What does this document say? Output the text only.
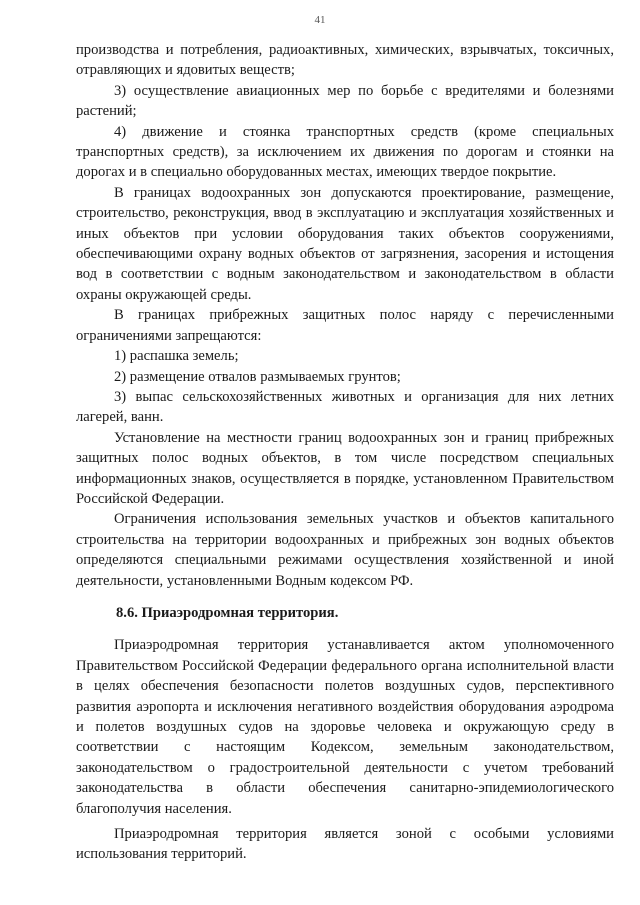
41

производства и потребления, радиоактивных, химических, взрывчатых, токсичных, отравляющих и ядовитых веществ;

3) осуществление авиационных мер по борьбе с вредителями и болезнями растений;

4) движение и стоянка транспортных средств (кроме специальных транспортных средств), за исключением их движения по дорогам и стоянки на дорогах и в специально оборудованных местах, имеющих твердое покрытие.

В границах водоохранных зон допускаются проектирование, размещение, строительство, реконструкция, ввод в эксплуатацию и эксплуатация хозяйственных и иных объектов при условии оборудования таких объектов сооружениями, обеспечивающими охрану водных объектов от загрязнения, засорения и истощения вод в соответствии с водным законодательством и законодательством в области охраны окружающей среды.

В границах прибрежных защитных полос наряду с перечисленными ограничениями запрещаются:

1) распашка земель;

2) размещение отвалов размываемых грунтов;

3) выпас сельскохозяйственных животных и организация для них летних лагерей, ванн.

Установление на местности границ водоохранных зон и границ прибрежных защитных полос водных объектов, в том числе посредством специальных информационных знаков, осуществляется в порядке, установленном Правительством Российской Федерации.

Ограничения использования земельных участков и объектов капитального строительства на территории водоохранных и прибрежных зон водных объектов определяются специальными режимами осуществления хозяйственной и иной деятельности, установленными Водным кодексом РФ.

8.6. Приаэродромная территория.

Приаэродромная территория устанавливается актом уполномоченного Правительством Российской Федерации федерального органа исполнительной власти в целях обеспечения безопасности полетов воздушных судов, перспективного развития аэропорта и исключения негативного воздействия оборудования аэродрома и полетов воздушных судов на здоровье человека и окружающую среду в соответствии с настоящим Кодексом, земельным законодательством, законодательством о градостроительной деятельности с учетом требований законодательства в области обеспечения санитарно-эпидемиологического благополучия населения.

Приаэродромная территория является зоной с особыми условиями использования территорий.
